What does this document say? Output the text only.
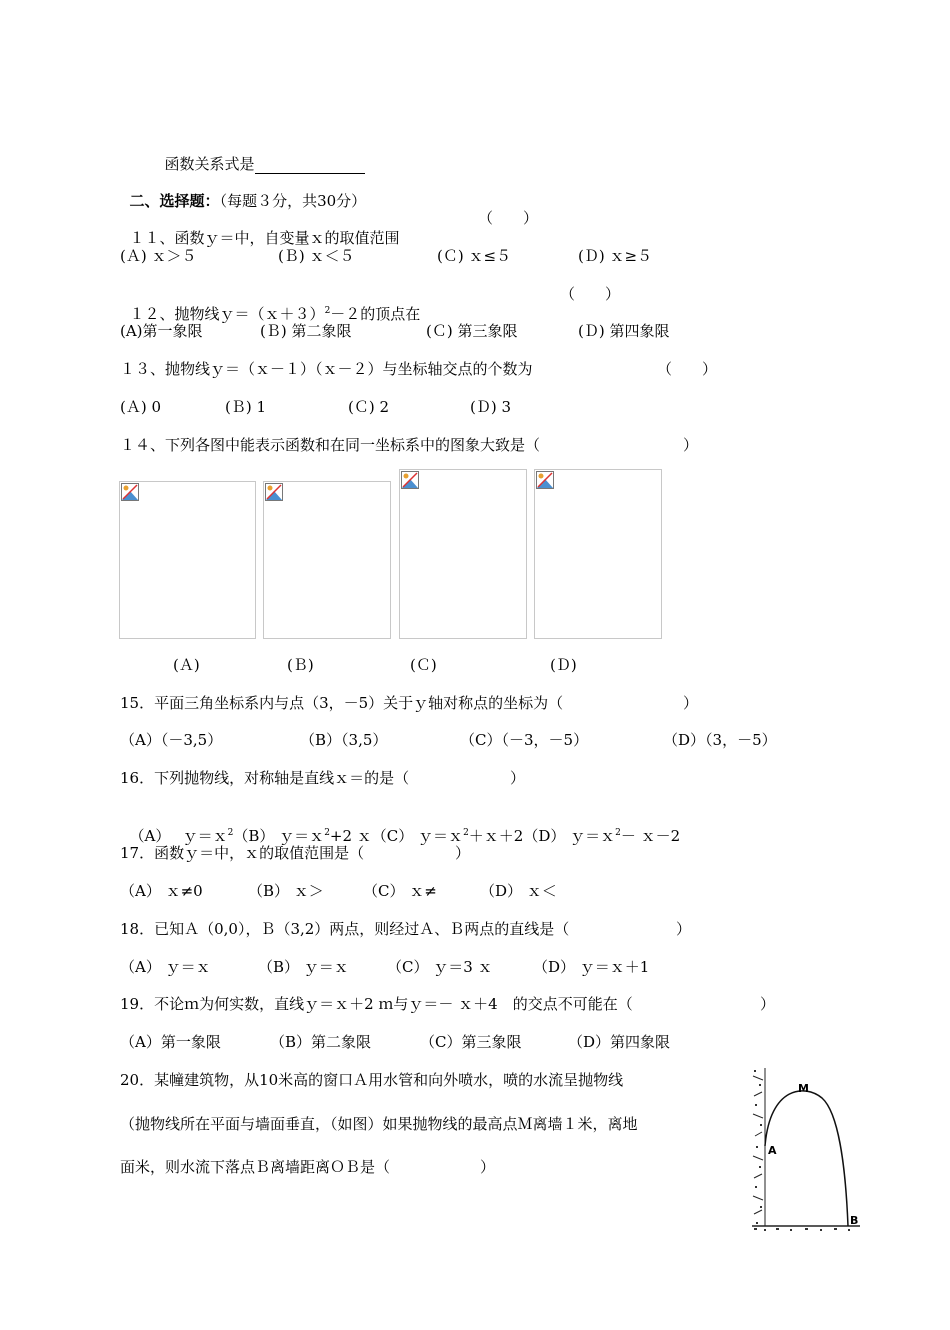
函数关系式是

二、选择题：（每题３分，共30分）

１１、函数ｙ＝中，自变量ｘ的取值范围

（　　）
(Ａ) ｘ＞５	(Ｂ) ｘ＜５	(Ｃ) ｘ≤５	(Ｄ) ｘ≥５

１２、抛物线ｙ＝（ｘ＋３）$^2$－２的顶点在

（　　）
(A)第一象限	(Ｂ) 第二象限	(Ｃ) 第三象限	(Ｄ) 第四象限
１３、抛物线ｙ＝（ｘ－１）（ｘ－２）与坐标轴交点的个数为	（　　）
(Ａ) 0	(Ｂ) 1	(Ｃ) 2	(Ｄ) 3
１４、下列各图中能表示函数和在同一坐标系中的图象大致是（	）
(Ａ)	(Ｂ)	(Ｃ)	(Ｄ)
15．平面三角坐标系内与点（3，－5）关于ｙ轴对称点的坐标为（	）
（A）（－3,5）	（B）（3,5）	（C）（－3，－5）	（D）（3，－5）
16．下列抛物线，对称轴是直线ｘ＝的是（	）

（A）　 ｙ＝ｘ$^2$（B） ｙ＝ｘ$^2$+2 ｘ（C） ｙ＝ｘ$^2$＋ｘ＋2（D） ｙ＝ｘ$^2$－ ｘ－2

17．函数ｙ＝中，ｘ的取值范围是（	）
（A） ｘ≠0	（B） ｘ＞	（C） ｘ≠	（D） ｘ＜
18．已知Ａ（0,0），Ｂ（3,2）两点，则经过Ａ、Ｂ两点的直线是（	）
（A） ｙ＝ｘ	（B） ｙ＝ｘ	（C） ｙ＝3 ｘ	（D） ｙ＝ｘ＋1
19．不论ｍ为何实数，直线ｙ＝ｘ＋2 ｍ与ｙ＝－ ｘ＋4　的交点不可能在（	）
（A）第一象限	（B）第二象限	（C）第三象限	（D）第四象限
20．某幢建筑物，从10米高的窗口Ａ用水管和向外喷水，喷的水流呈抛物线
（抛物线所在平面与墙面垂直，（如图）如果抛物线的最高点Ｍ离墙１米，离地
面米，则水流下落点Ｂ离墙距离ＯＢ是（	）
M
A
B
